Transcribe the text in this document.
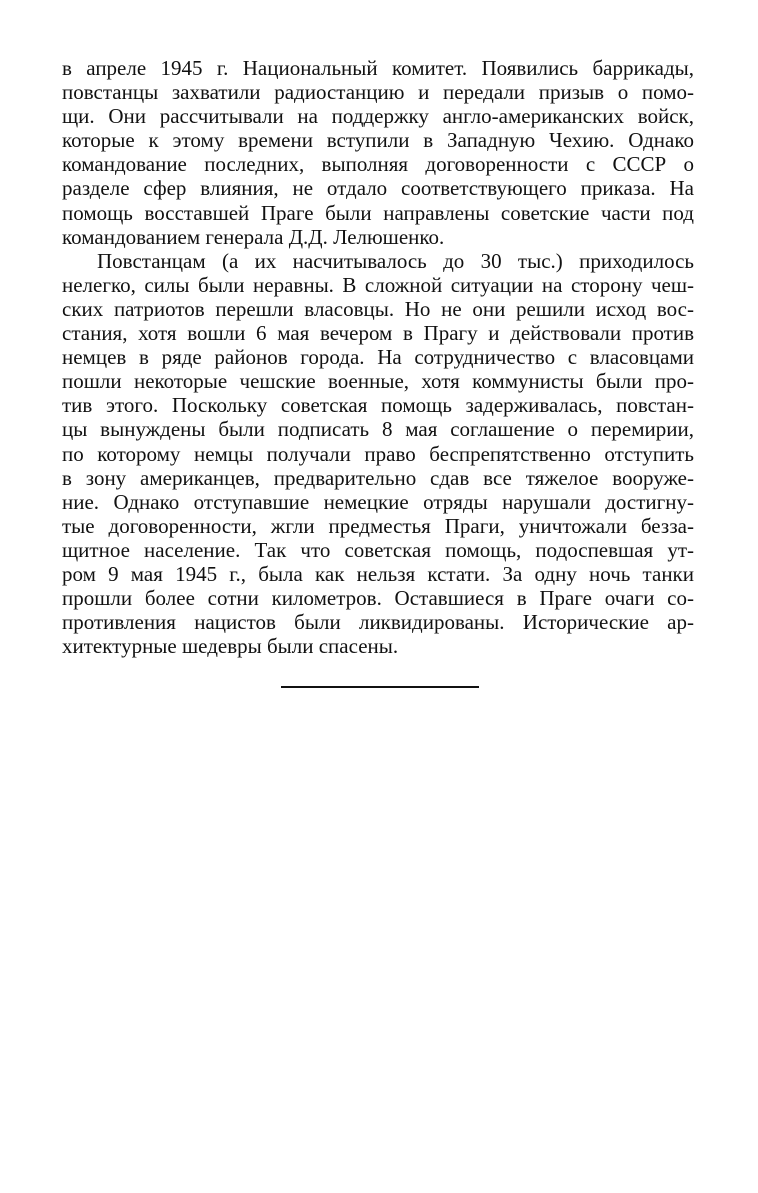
в апреле 1945 г. Национальный комитет. Появились баррикады,
повстанцы захватили радиостанцию и передали призыв о помо-
щи. Они рассчитывали на поддержку англо-американских войск,
которые к этому времени вступили в Западную Чехию. Однако
командование последних, выполняя договоренности с СССР о
разделе сфер влияния, не отдало соответствующего приказа. На
помощь восставшей Праге были направлены советские части под
командованием генерала Д.Д. Лелюшенко.
Повстанцам (а их насчитывалось до 30 тыс.) приходилось
нелегко, силы были неравны. В сложной ситуации на сторону чеш-
ских патриотов перешли власовцы. Но не они решили исход вос-
стания, хотя вошли 6 мая вечером в Прагу и действовали против
немцев в ряде районов города. На сотрудничество с власовцами
пошли некоторые чешские военные, хотя коммунисты были про-
тив этого. Поскольку советская помощь задерживалась, повстан-
цы вынуждены были подписать 8 мая соглашение о перемирии,
по которому немцы получали право беспрепятственно отступить
в зону американцев, предварительно сдав все тяжелое вооруже-
ние. Однако отступавшие немецкие отряды нарушали достигну-
тые договоренности, жгли предместья Праги, уничтожали безза-
щитное население. Так что советская помощь, подоспевшая ут-
ром 9 мая 1945 г., была как нельзя кстати. За одну ночь танки
прошли более сотни километров. Оставшиеся в Праге очаги со-
противления нацистов были ликвидированы. Исторические ар-
хитектурные шедевры были спасены.
